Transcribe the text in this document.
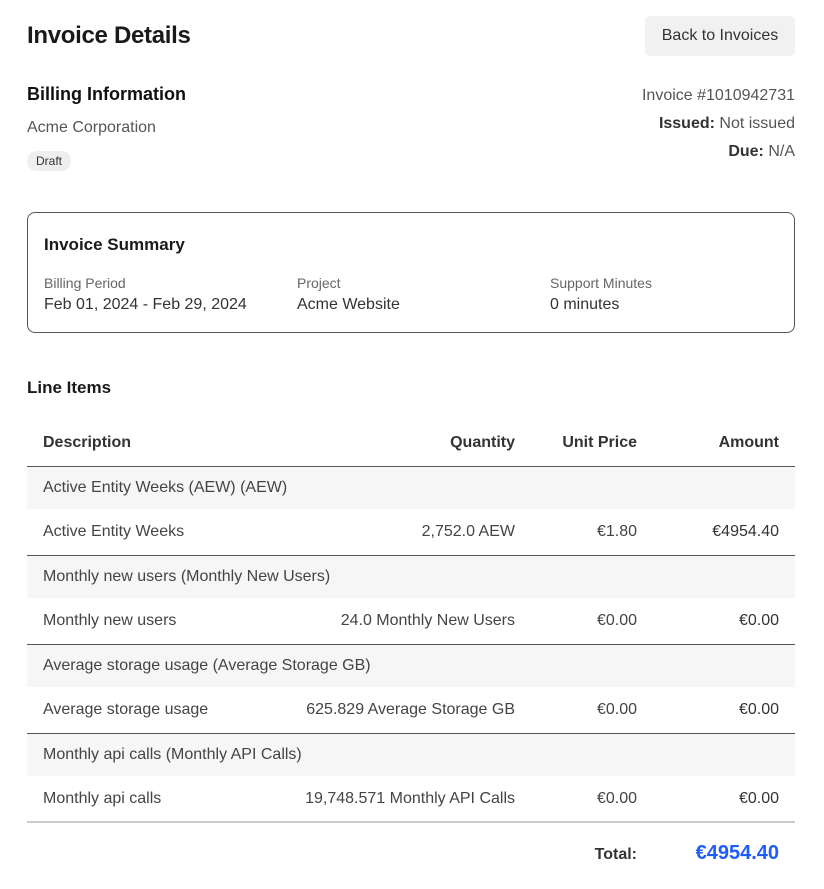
Invoice Details	Back to Invoices
Billing Information
Acme Corporation
Draft
Invoice #1010942731
Issued: Not issued
Due: N/A
Invoice Summary
Billing Period
Feb 01, 2024 - Feb 29, 2024
Project
Acme Website
Support Minutes
0 minutes
Line Items
Description	Quantity	Unit Price	Amount
Active Entity Weeks (AEW) (AEW)			
Active Entity Weeks	2,752.0 AEW	€1.80	€4954.40
Monthly new users (Monthly New Users)			
Monthly new users	24.0 Monthly New Users	€0.00	€0.00
Average storage usage (Average Storage GB)			
Average storage usage	625.829 Average Storage GB	€0.00	€0.00
Monthly api calls (Monthly API Calls)			
Monthly api calls	19,748.571 Monthly API Calls	€0.00	€0.00
Total:	€4954.40
